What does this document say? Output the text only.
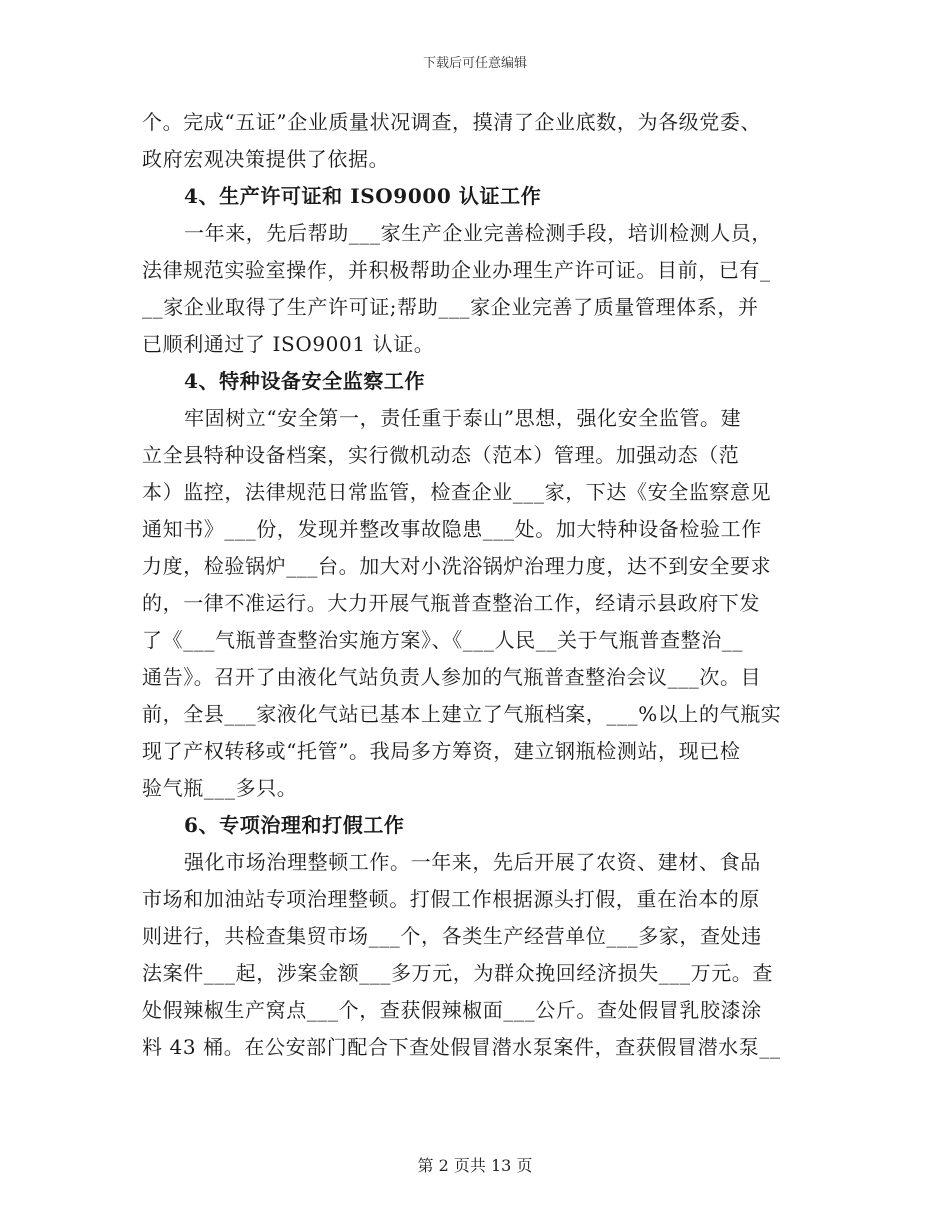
下载后可任意编辑
个。完成“五证”企业质量状况调查，摸清了企业底数，为各级党委、
政府宏观决策提供了依据。
4、生产许可证和 ISO9000 认证工作
一年来，先后帮助___家生产企业完善检测手段，培训检测人员，
法律规范实验室操作，并积极帮助企业办理生产许可证。目前，已有_
__家企业取得了生产许可证;帮助___家企业完善了质量管理体系，并
已顺利通过了 ISO9001 认证。
4、特种设备安全监察工作
牢固树立“安全第一，责任重于泰山”思想，强化安全监管。建
立全县特种设备档案，实行微机动态（范本）管理。加强动态（范
本）监控，法律规范日常监管，检查企业___家，下达《安全监察意见
通知书》___份，发现并整改事故隐患___处。加大特种设备检验工作
力度，检验锅炉___台。加大对小洗浴锅炉治理力度，达不到安全要求
的，一律不准运行。大力开展气瓶普查整治工作，经请示县政府下发
了《___气瓶普查整治实施方案》、《___人民__关于气瓶普查整治__
通告》。召开了由液化气站负责人参加的气瓶普查整治会议___次。目
前，全县___家液化气站已基本上建立了气瓶档案，___%以上的气瓶实
现了产权转移或“托管”。我局多方筹资，建立钢瓶检测站，现已检
验气瓶___多只。
6、专项治理和打假工作
强化市场治理整顿工作。一年来，先后开展了农资、建材、食品
市场和加油站专项治理整顿。打假工作根据源头打假，重在治本的原
则进行，共检查集贸市场___个，各类生产经营单位___多家，查处违
法案件___起，涉案金额___多万元，为群众挽回经济损失___万元。查
处假辣椒生产窝点___个，查获假辣椒面___公斤。查处假冒乳胶漆涂
料 43 桶。在公安部门配合下查处假冒潜水泵案件，查获假冒潜水泵__
第 2 页共 13 页
